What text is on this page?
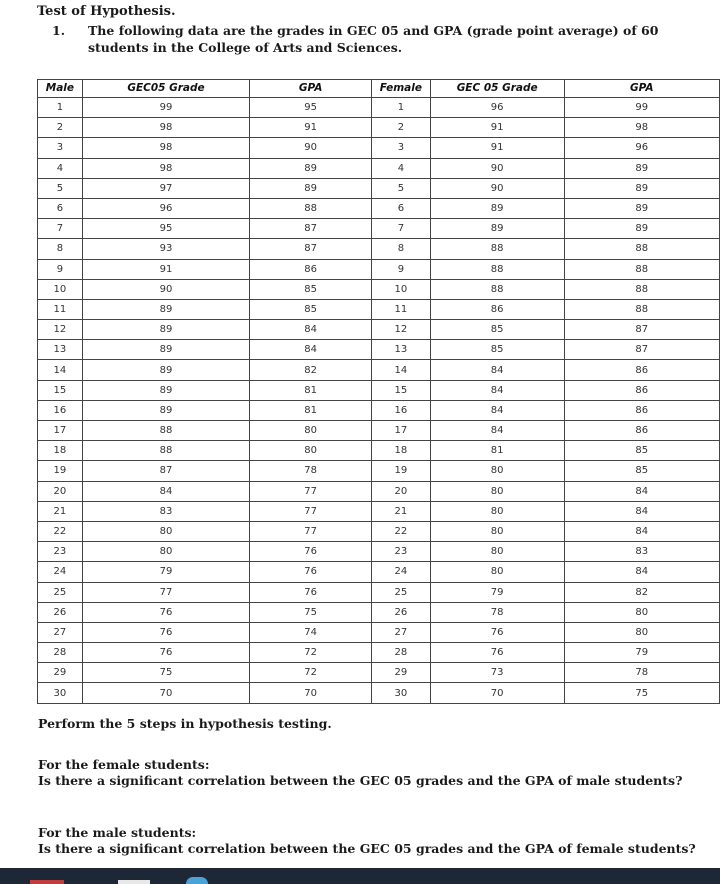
Test of Hypothesis.
1. The following data are the grades in GEC 05 and GPA (grade point average) of 60 students in the College of Arts and Sciences.
Male	GEC05 Grade	GPA	Female	GEC 05 Grade	GPA
1	99	95	1	96	99
2	98	91	2	91	98
3	98	90	3	91	96
4	98	89	4	90	89
5	97	89	5	90	89
6	96	88	6	89	89
7	95	87	7	89	89
8	93	87	8	88	88
9	91	86	9	88	88
10	90	85	10	88	88
11	89	85	11	86	88
12	89	84	12	85	87
13	89	84	13	85	87
14	89	82	14	84	86
15	89	81	15	84	86
16	89	81	16	84	86
17	88	80	17	84	86
18	88	80	18	81	85
19	87	78	19	80	85
20	84	77	20	80	84
21	83	77	21	80	84
22	80	77	22	80	84
23	80	76	23	80	83
24	79	76	24	80	84
25	77	76	25	79	82
26	76	75	26	78	80
27	76	74	27	76	80
28	76	72	28	76	79
29	75	72	29	73	78
30	70	70	30	70	75
Perform the 5 steps in hypothesis testing.
For the female students:
Is there a significant correlation between the GEC 05 grades and the GPA of male students?
For the male students:
Is there a significant correlation between the GEC 05 grades and the GPA of female students?
